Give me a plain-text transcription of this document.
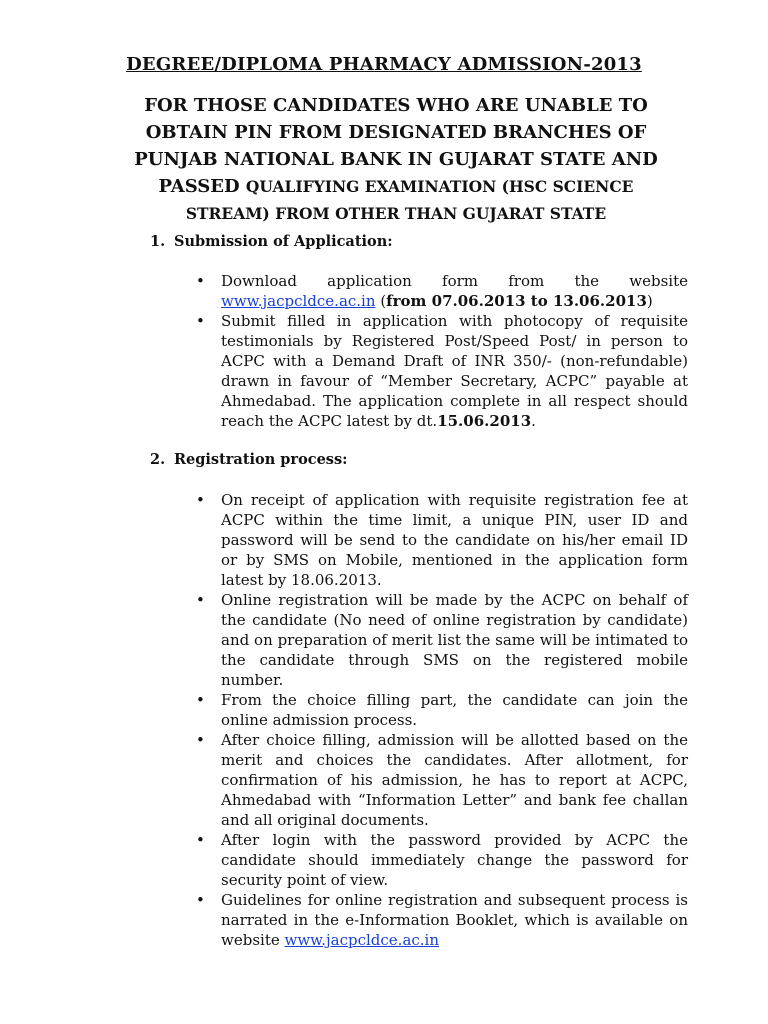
DEGREE/DIPLOMA PHARMACY ADMISSION-2013
FOR THOSE CANDIDATES WHO ARE UNABLE TO
OBTAIN PIN FROM DESIGNATED BRANCHES OF
PUNJAB NATIONAL BANK IN GUJARAT STATE AND
PASSED QUALIFYING EXAMINATION (HSC SCIENCE
STREAM) FROM OTHER THAN GUJARAT STATE
1. Submission of Application:
• Download application form from the website www.jacpcldce.ac.in (from 07.06.2013 to 13.06.2013)
• Submit filled in application with photocopy of requisite testimonials by Registered Post/Speed Post/ in person to ACPC with a Demand Draft of INR 350/- (non-refundable) drawn in favour of “Member Secretary, ACPC” payable at Ahmedabad. The application complete in all respect should reach the ACPC latest by dt.15.06.2013.
2. Registration process:
• On receipt of application with requisite registration fee at ACPC within the time limit, a unique PIN, user ID and password will be send to the candidate on his/her email ID or by SMS on Mobile, mentioned in the application form latest by 18.06.2013.
• Online registration will be made by the ACPC on behalf of the candidate (No need of online registration by candidate) and on preparation of merit list the same will be intimated to the candidate through SMS on the registered mobile number.
• From the choice filling part, the candidate can join the online admission process.
• After choice filling, admission will be allotted based on the merit and choices the candidates. After allotment, for confirmation of his admission, he has to report at ACPC, Ahmedabad with “Information Letter” and bank fee challan and all original documents.
• After login with the password provided by ACPC the candidate should immediately change the password for security point of view.
• Guidelines for online registration and subsequent process is narrated in the e-Information Booklet, which is available on website www.jacpcldce.ac.in
